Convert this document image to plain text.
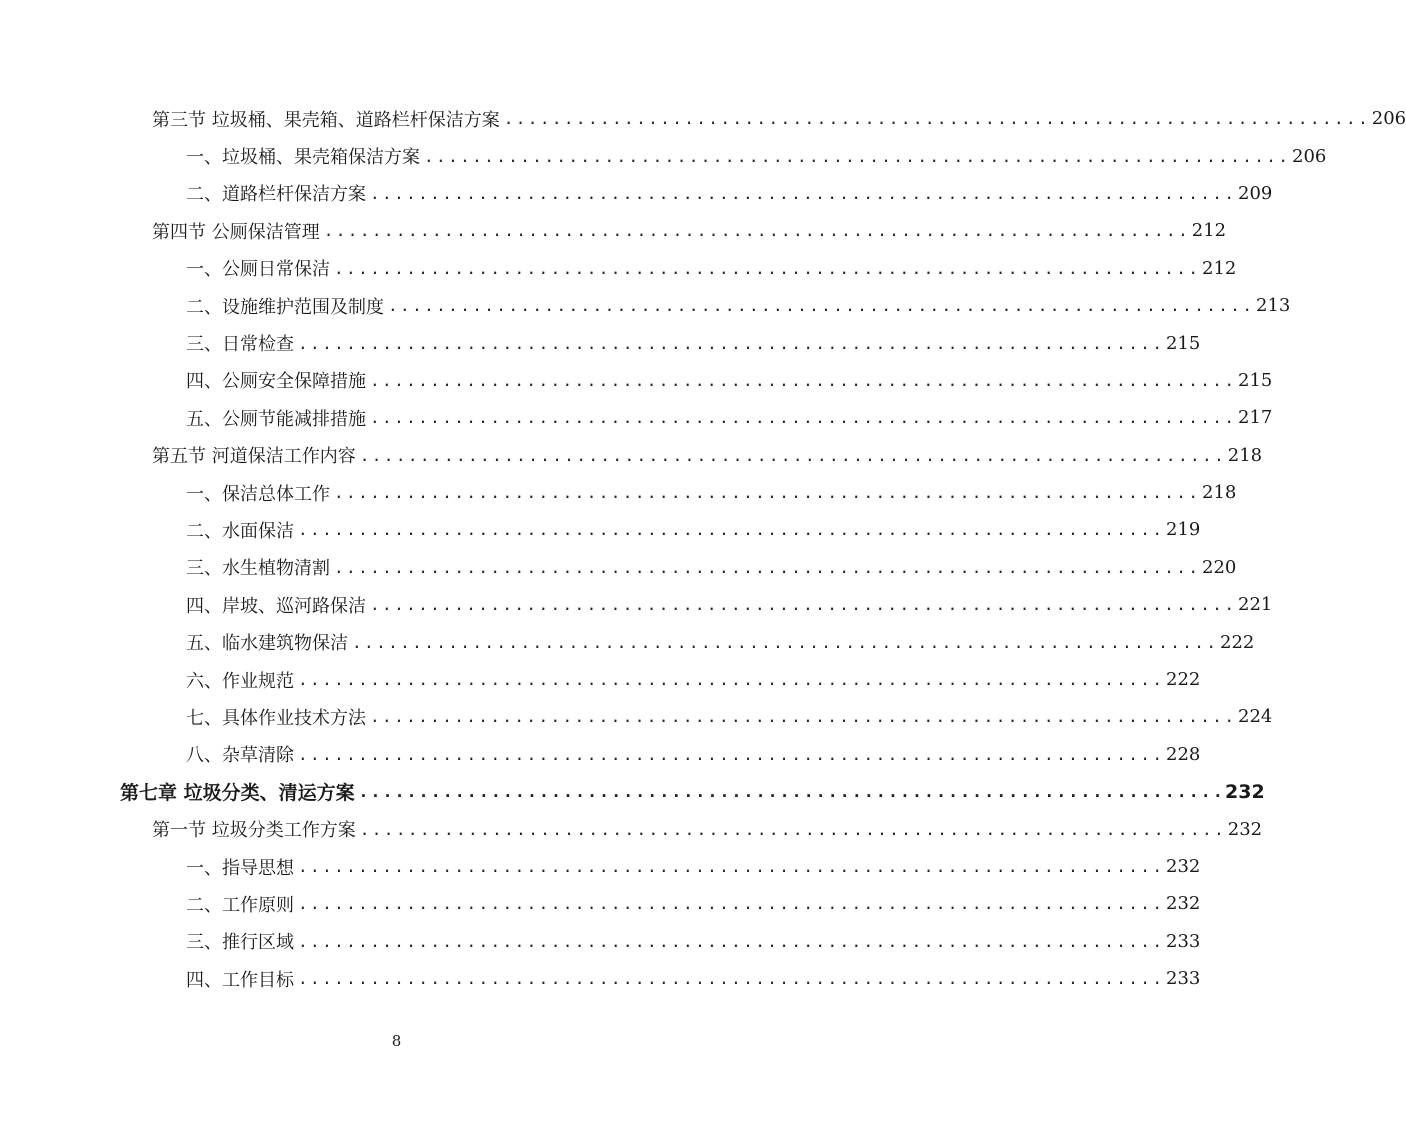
第三节 垃圾桶、果壳箱、道路栏杆保洁方案 ........................................................................ 206
一、垃圾桶、果壳箱保洁方案 ........................................................................ 206
二、道路栏杆保洁方案 ........................................................................ 209
第四节 公厕保洁管理 ........................................................................ 212
一、公厕日常保洁 ........................................................................ 212
二、设施维护范围及制度 ........................................................................ 213
三、日常检查 ........................................................................ 215
四、公厕安全保障措施 ........................................................................ 215
五、公厕节能减排措施 ........................................................................ 217
第五节 河道保洁工作内容 ........................................................................ 218
一、保洁总体工作 ........................................................................ 218
二、水面保洁 ........................................................................ 219
三、水生植物清割 ........................................................................ 220
四、岸坡、巡河路保洁 ........................................................................ 221
五、临水建筑物保洁 ........................................................................ 222
六、作业规范 ........................................................................ 222
七、具体作业技术方法 ........................................................................ 224
八、杂草清除 ........................................................................ 228
第七章 垃圾分类、清运方案 ........................................................................ 232
第一节 垃圾分类工作方案 ........................................................................ 232
一、指导思想 ........................................................................ 232
二、工作原则 ........................................................................ 232
三、推行区域 ........................................................................ 233
四、工作目标 ........................................................................ 233
8
